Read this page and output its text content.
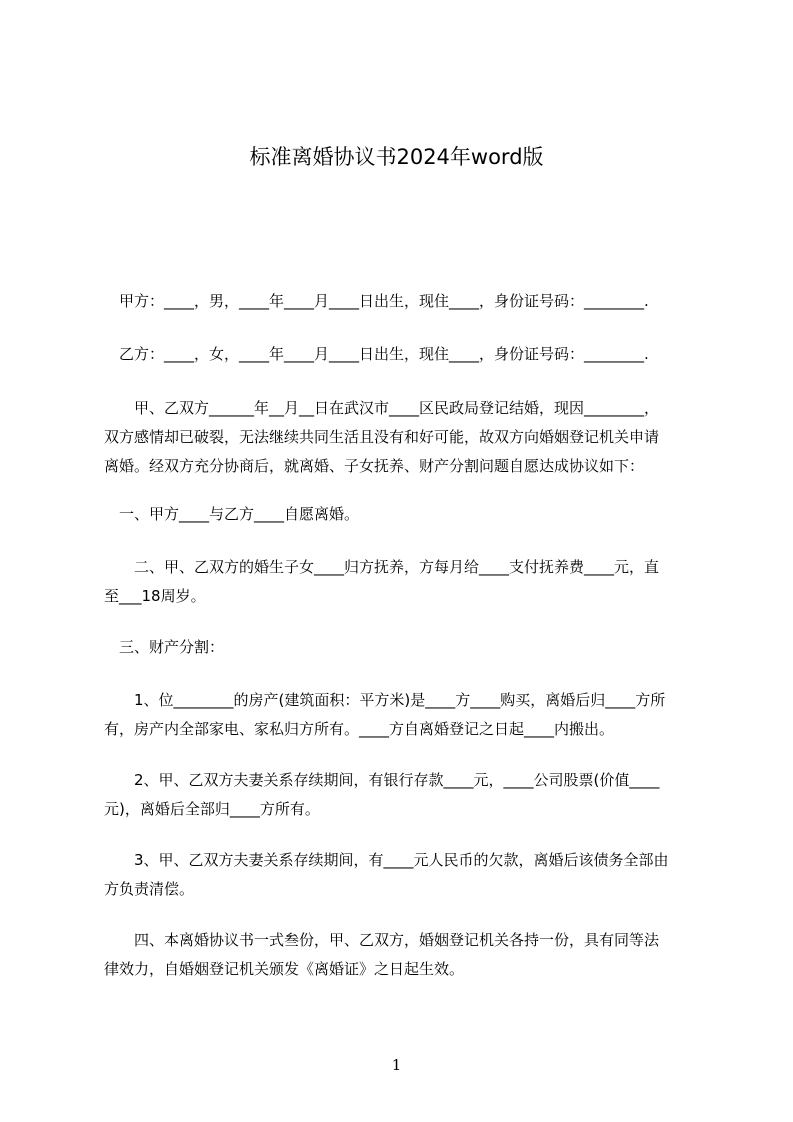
标准离婚协议书2024年word版
　甲方：____，男，____年____月____日出生，现住____，身份证号码：________.
　乙方：____，女，____年____月____日出生，现住____，身份证号码：________.
　　甲、乙双方______年__月__日在武汉市____区民政局登记结婚，现因________，
双方感情却已破裂，无法继续共同生活且没有和好可能，故双方向婚姻登记机关申请
离婚。经双方充分协商后，就离婚、子女抚养、财产分割问题自愿达成协议如下：
　一、甲方____与乙方____自愿离婚。
　　二、甲、乙双方的婚生子女____归方抚养，方每月给____支付抚养费____元，直
至___18周岁。
　三、财产分割：
　　1、位________的房产(建筑面积：平方米)是____方____购买，离婚后归____方所
有，房产内全部家电、家私归方所有。____方自离婚登记之日起____内搬出。
　　2、甲、乙双方夫妻关系存续期间，有银行存款____元，____公司股票(价值____
元)，离婚后全部归____方所有。
　　3、甲、乙双方夫妻关系存续期间，有____元人民币的欠款，离婚后该债务全部由
方负责清偿。
　　四、本离婚协议书一式叁份，甲、乙双方，婚姻登记机关各持一份，具有同等法
律效力，自婚姻登记机关颁发《离婚证》之日起生效。
1
